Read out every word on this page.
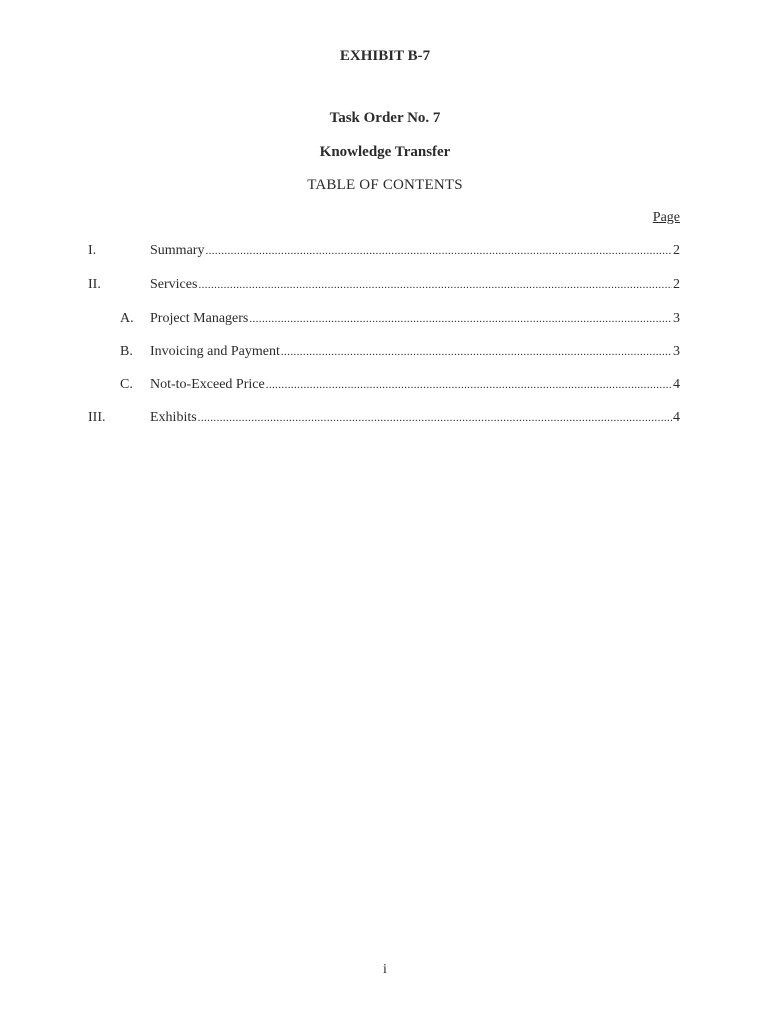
EXHIBIT B-7
Task Order No. 7
Knowledge Transfer
TABLE OF CONTENTS
Page
I.	Summary .....	2
II.	Services .....	2
A. Project Managers .....	3
B. Invoicing and Payment .....	3
C. Not-to-Exceed Price .....	4
III.	Exhibits .....	4
i
